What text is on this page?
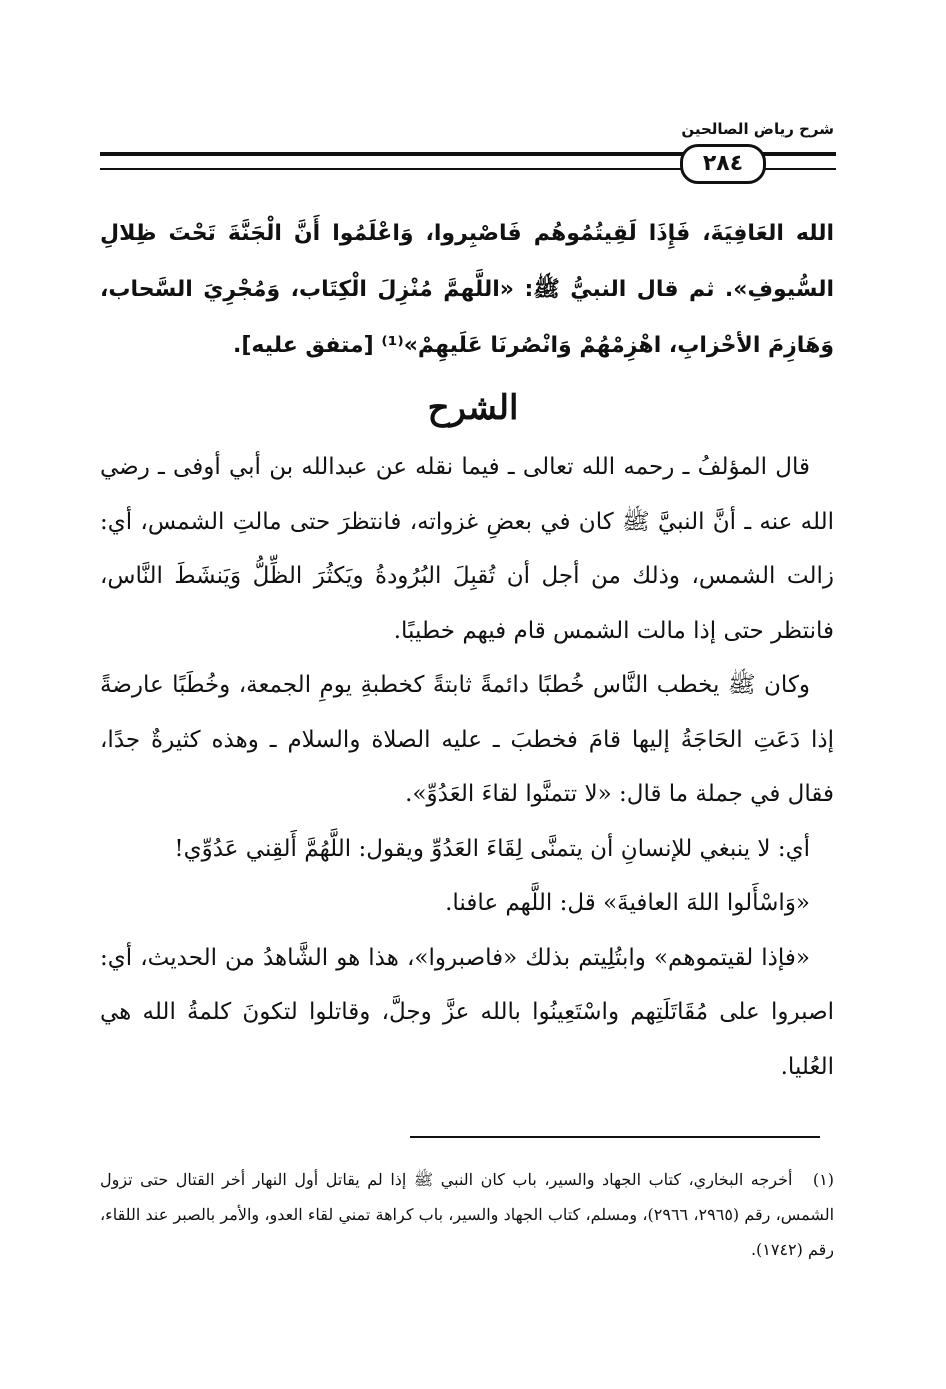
شرح رياض الصالحين
٢٨٤

الله العَافِيَةَ، فَإِذَا لَقِيتُمُوهُم فَاصْبِروا، وَاعْلَمُوا أَنَّ الْجَنَّةَ تَحْتَ ظِلالِ السُّيوفِ». ثم قال النبيُّ ﷺ: «اللَّهمَّ مُنْزِلَ الْكِتَاب، وَمُجْرِيَ السَّحاب، وَهَازِمَ الأحْزابِ، اهْزِمْهُمْ وَانْصُرنَا عَلَيهِمْ»⁽¹⁾ [متفق عليه].

الشرح

قال المؤلفُ ـ رحمه الله تعالى ـ فيما نقله عن عبدالله بن أبي أوفى ـ رضي الله عنه ـ أنَّ النبيَّ ﷺ كان في بعضِ غزواته، فانتظرَ حتى مالتِ الشمس، أي: زالت الشمس، وذلك من أجل أن تُقبِلَ البُرُودةُ ويَكثُرَ الظِّلُّ وَيَنشَطَ النَّاس، فانتظر حتى إذا مالت الشمس قام فيهم خطيبًا.

وكان ﷺ يخطب النَّاس خُطبًا دائمةً ثابتةً كخطبةِ يومِ الجمعة، وخُطَبًا عارضةً إذا دَعَتِ الحَاجَةُ إليها قامَ فخطبَ ـ عليه الصلاة والسلام ـ وهذه كثيرةٌ جدًا، فقال في جملة ما قال: «لا تتمنَّوا لقاءَ العَدُوِّ».

أي: لا ينبغي للإنسانِ أن يتمنَّى لِقَاءَ العَدُوِّ ويقول: اللَّهُمَّ أَلقِني عَدُوِّي!

«وَاسْأَلوا اللهَ العافيةَ» قل: اللَّهم عافنا.

«فإذا لقيتموهم» وابتُلِيتم بذلك «فاصبروا»، هذا هو الشَّاهدُ من الحديث، أي: اصبروا على مُقَاتَلَتِهم واسْتَعِينُوا بالله عزَّ وجلَّ، وقاتلوا لتكونَ كلمةُ الله هي العُليا.

(١) أخرجه البخاري، كتاب الجهاد والسير، باب كان النبي ﷺ إذا لم يقاتل أول النهار أخر القتال حتى تزول الشمس، رقم (٢٩٦٥، ٢٩٦٦)، ومسلم، كتاب الجهاد والسير، باب كراهة تمني لقاء العدو، والأمر بالصبر عند اللقاء، رقم (١٧٤٢).
